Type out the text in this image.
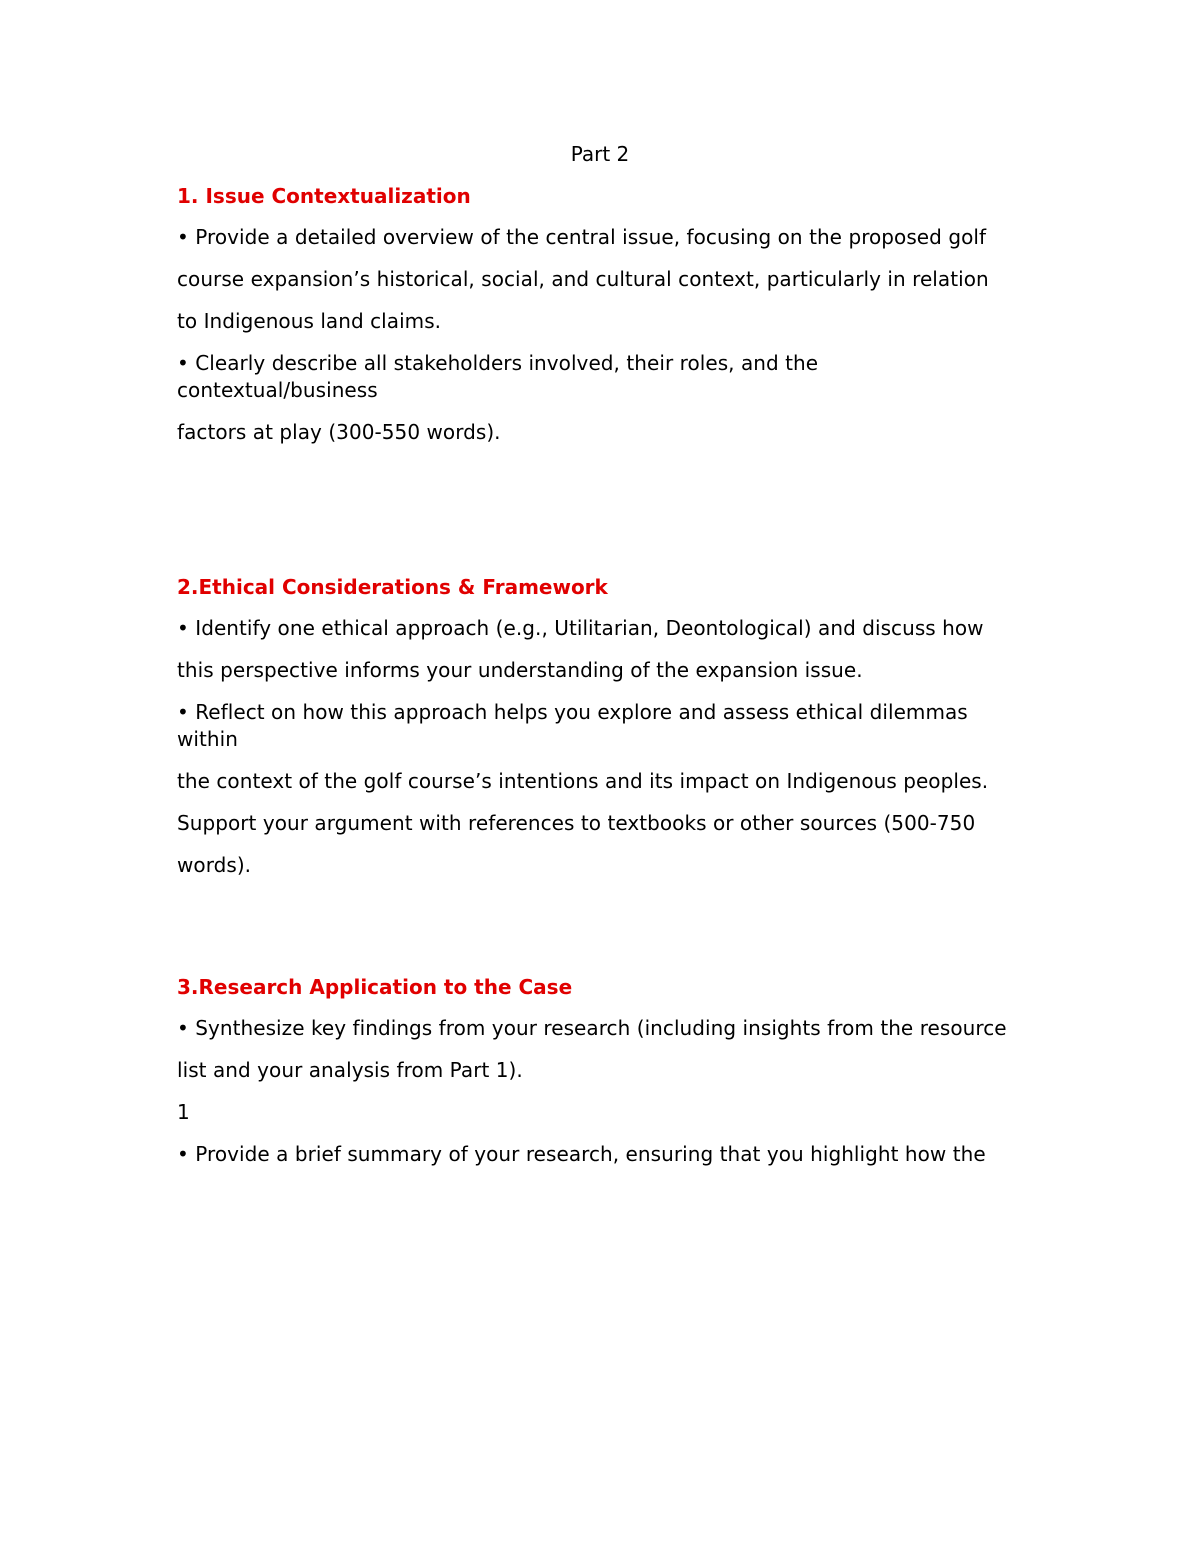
Part 2
1. Issue Contextualization
• Provide a detailed overview of the central issue, focusing on the proposed golf
course expansion’s historical, social, and cultural context, particularly in relation
to Indigenous land claims.
• Clearly describe all stakeholders involved, their roles, and the contextual/business
factors at play (300-550 words).
2.Ethical Considerations & Framework
• Identify one ethical approach (e.g., Utilitarian, Deontological) and discuss how
this perspective informs your understanding of the expansion issue.
• Reflect on how this approach helps you explore and assess ethical dilemmas within
the context of the golf course’s intentions and its impact on Indigenous peoples.
Support your argument with references to textbooks or other sources (500-750
words).
3.Research Application to the Case
• Synthesize key findings from your research (including insights from the resource
list and your analysis from Part 1).
1
• Provide a brief summary of your research, ensuring that you highlight how the
